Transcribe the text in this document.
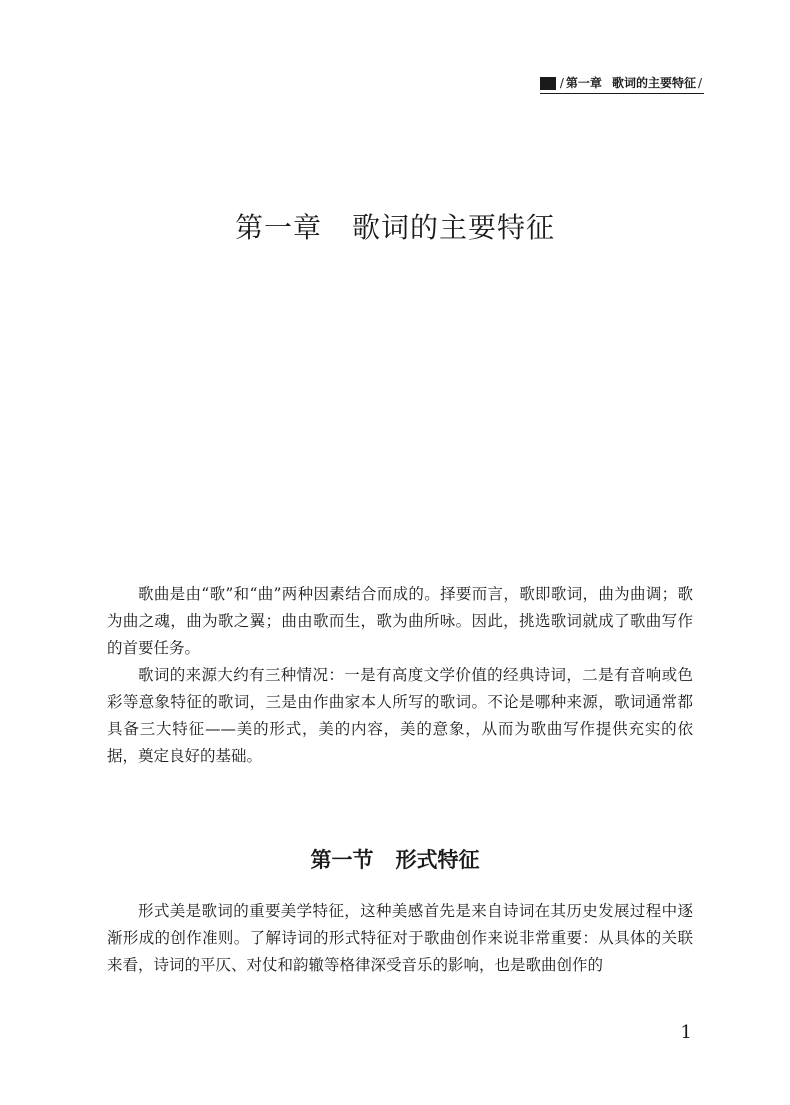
/ 第一章 歌词的主要特征 /
第一章 歌词的主要特征

歌曲是由“歌”和“曲”两种因素结合而成的。择要而言，歌即歌词，曲为曲调；歌为曲之魂，曲为歌之翼；曲由歌而生，歌为曲所咏。因此，挑选歌词就成了歌曲写作的首要任务。

歌词的来源大约有三种情况：一是有高度文学价值的经典诗词，二是有音响或色彩等意象特征的歌词，三是由作曲家本人所写的歌词。不论是哪种来源，歌词通常都具备三大特征——美的形式，美的内容，美的意象，从而为歌曲写作提供充实的依据，奠定良好的基础。

第一节 形式特征

形式美是歌词的重要美学特征，这种美感首先是来自诗词在其历史发展过程中逐渐形成的创作准则。了解诗词的形式特征对于歌曲创作来说非常重要：从具体的关联来看，诗词的平仄、对仗和韵辙等格律深受音乐的影响，也是歌曲创作的

1
